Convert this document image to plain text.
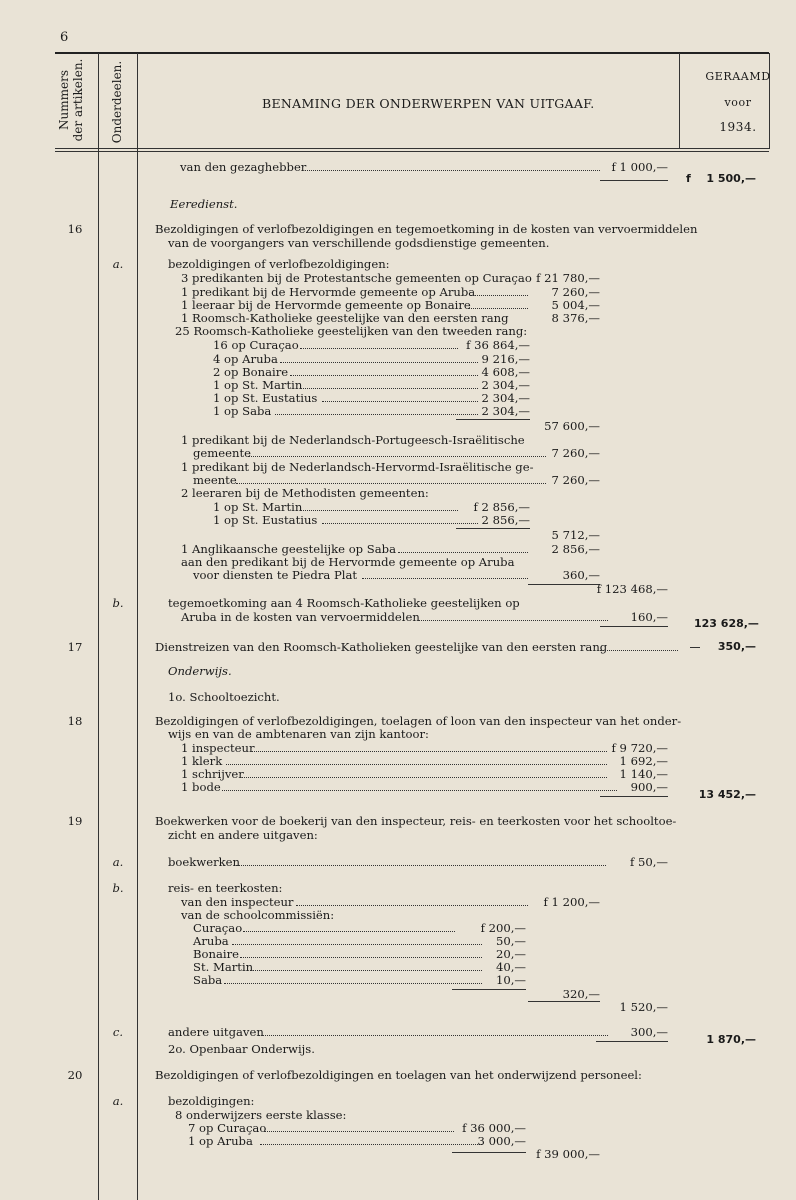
6
Nummers
der artikelen. Onderdeelen.	BENAMING DER ONDERWERPEN VAN UITGAAF.
GERAAMD
voor
1934.
van den gezaghebber	f 1 000,—
f	1 500,—
Eeredienst.
16	Bezoldigingen of verlofbezoldigingen en tegemoetkoming in de kosten van vervoermiddelen
van de voorgangers van verschillende godsdienstige gemeenten.
a.	bezoldigingen of verlofbezoldigingen:
3 predikanten bij de Protestantsche gemeenten op Curaçao f 21 780,—
1 predikant bij de Hervormde gemeente op Aruba	7 260,—
1 leeraar bij de Hervormde gemeente op Bonaire	5 004,—
1 Roomsch-Katholieke geestelijke van den eersten rang	8 376,—
25 Roomsch-Katholieke geestelijken van den tweeden rang:
16 op Curaçao	f 36 864,—
4 op Aruba	9 216,—
2 op Bonaire	4 608,—
1 op St. Martin	2 304,—
1 op St. Eustatius	2 304,—
1 op Saba	2 304,—
57 600,—
1 predikant bij de Nederlandsch-Portugeesch-Israëlitische
gemeente	7 260,—
1 predikant bij de Nederlandsch-Hervormd-Israëlitische ge-
meente	7 260,—
2 leeraren bij de Methodisten gemeenten:
1 op St. Martin	f 2 856,—
1 op St. Eustatius	2 856,—
5 712,—
1 Anglikaansche geestelijke op Saba	2 856,—
aan den predikant bij de Hervormde gemeente op Aruba
voor diensten te Piedra Plat	360,—
f 123 468,—
b.	tegemoetkoming aan 4 Roomsch-Katholieke geestelijken op
Aruba in de kosten van vervoermiddelen	160,— 123 628,—
17	Dienstreizen van den Roomsch-Katholieken geestelijke van den eersten rang	350,—
Onderwijs.
1o. Schooltoezicht.
18	Bezoldigingen of verlofbezoldigingen, toelagen of loon van den inspecteur van het onder-
wijs en van de ambtenaren van zijn kantoor:
1 inspecteur	f 9 720,—
1 klerk	1 692,—
1 schrijver	1 140,—
1 bode	900,—
13 452,—
19	Boekwerken voor de boekerij van den inspecteur, reis- en teerkosten voor het schooltoe-
zicht en andere uitgaven:
a.	boekwerken	f 50,—
b.	reis- en teerkosten:
van den inspecteur	f 1 200,—
van de schoolcommissiën:
Curaçao	f 200,—
Aruba	50,—
Bonaire	20,—
St. Martin	40,—
Saba	10,—
320,—
1 520,—
c.	andere uitgaven	300,—
1 870,—
2o. Openbaar Onderwijs.
20	Bezoldigingen of verlofbezoldigingen en toelagen van het onderwijzend personeel:
a.	bezoldigingen:
8 onderwijzers eerste klasse:
7 op Curaçao	f 36 000,—
1 op Aruba	3 000,—
f 39 000,—
